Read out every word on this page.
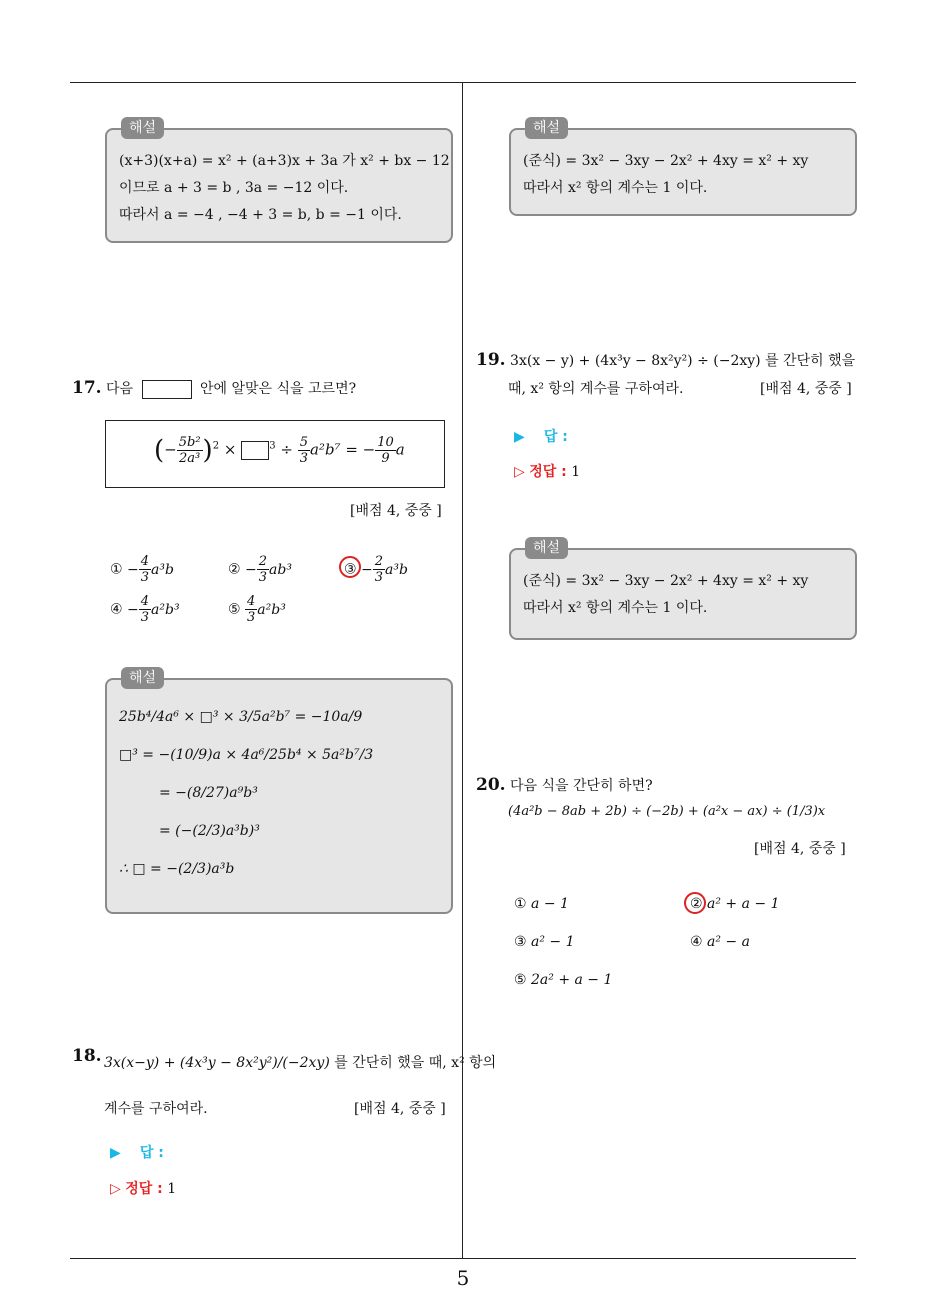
5
해설
(x+3)(x+a) = x² + (a+3)x + 3a 가 x² + bx − 12
이므로 a + 3 = b , 3a = −12 이다.
따라서 a = −4 , −4 + 3 = b, b = −1 이다.
17. 다음	안에 알맞은 식을 고르면?
(− $\frac{\text{5b²}}{\text{2a³}} )^2$ ×	$^3 \div \frac{5}{3} a^2b^7$ = − $\frac{10}{9}$ a
[배점 4, 중중 ]
① − $\frac{4}{3} a^3b$	② − $\frac{2}{3} ab^3$	③ − $\frac{2}{3} a^3b$
④ − $\frac{4}{3} a^2b^3$	⑤ $\frac{4}{3} a^2b^3$
해설
25b⁴/4a⁶ × □³ × 3/5a²b⁷ = −10a/9
□³ = −(10/9)a × 4a⁶/25b⁴ × 5a²b⁷/3
= −(8/27)a⁹b³
= (−(2/3)a³b)³
∴ □ = −(2/3)a³b
18. 3x(x−y) + (4x³y − 8x²y²)/(−2xy) 를 간단히 했을 때, x² 항의
계수를 구하여라.	[배점 4, 중중 ]
▶ 답 :
▷ 정답 : 1
해설
(준식) = 3x² − 3xy − 2x² + 4xy = x² + xy
따라서 x² 항의 계수는 1 이다.
19. 3x(x − y) + (4x³y − 8x²y²) ÷ (−2xy) 를 간단히 했을
때, x² 항의 계수를 구하여라.	[배점 4, 중중 ]
▶ 답 :
▷ 정답 : 1
해설
(준식) = 3x² − 3xy − 2x² + 4xy = x² + xy
따라서 x² 항의 계수는 1 이다.
20. 다음 식을 간단히 하면?
(4a²b − 8ab + 2b) ÷ (−2b) + (a²x − ax) ÷ (1/3)x
[배점 4, 중중 ]
① a − 1	② a² + a − 1
③ a² − 1	④ a² − a
⑤ 2a² + a − 1
